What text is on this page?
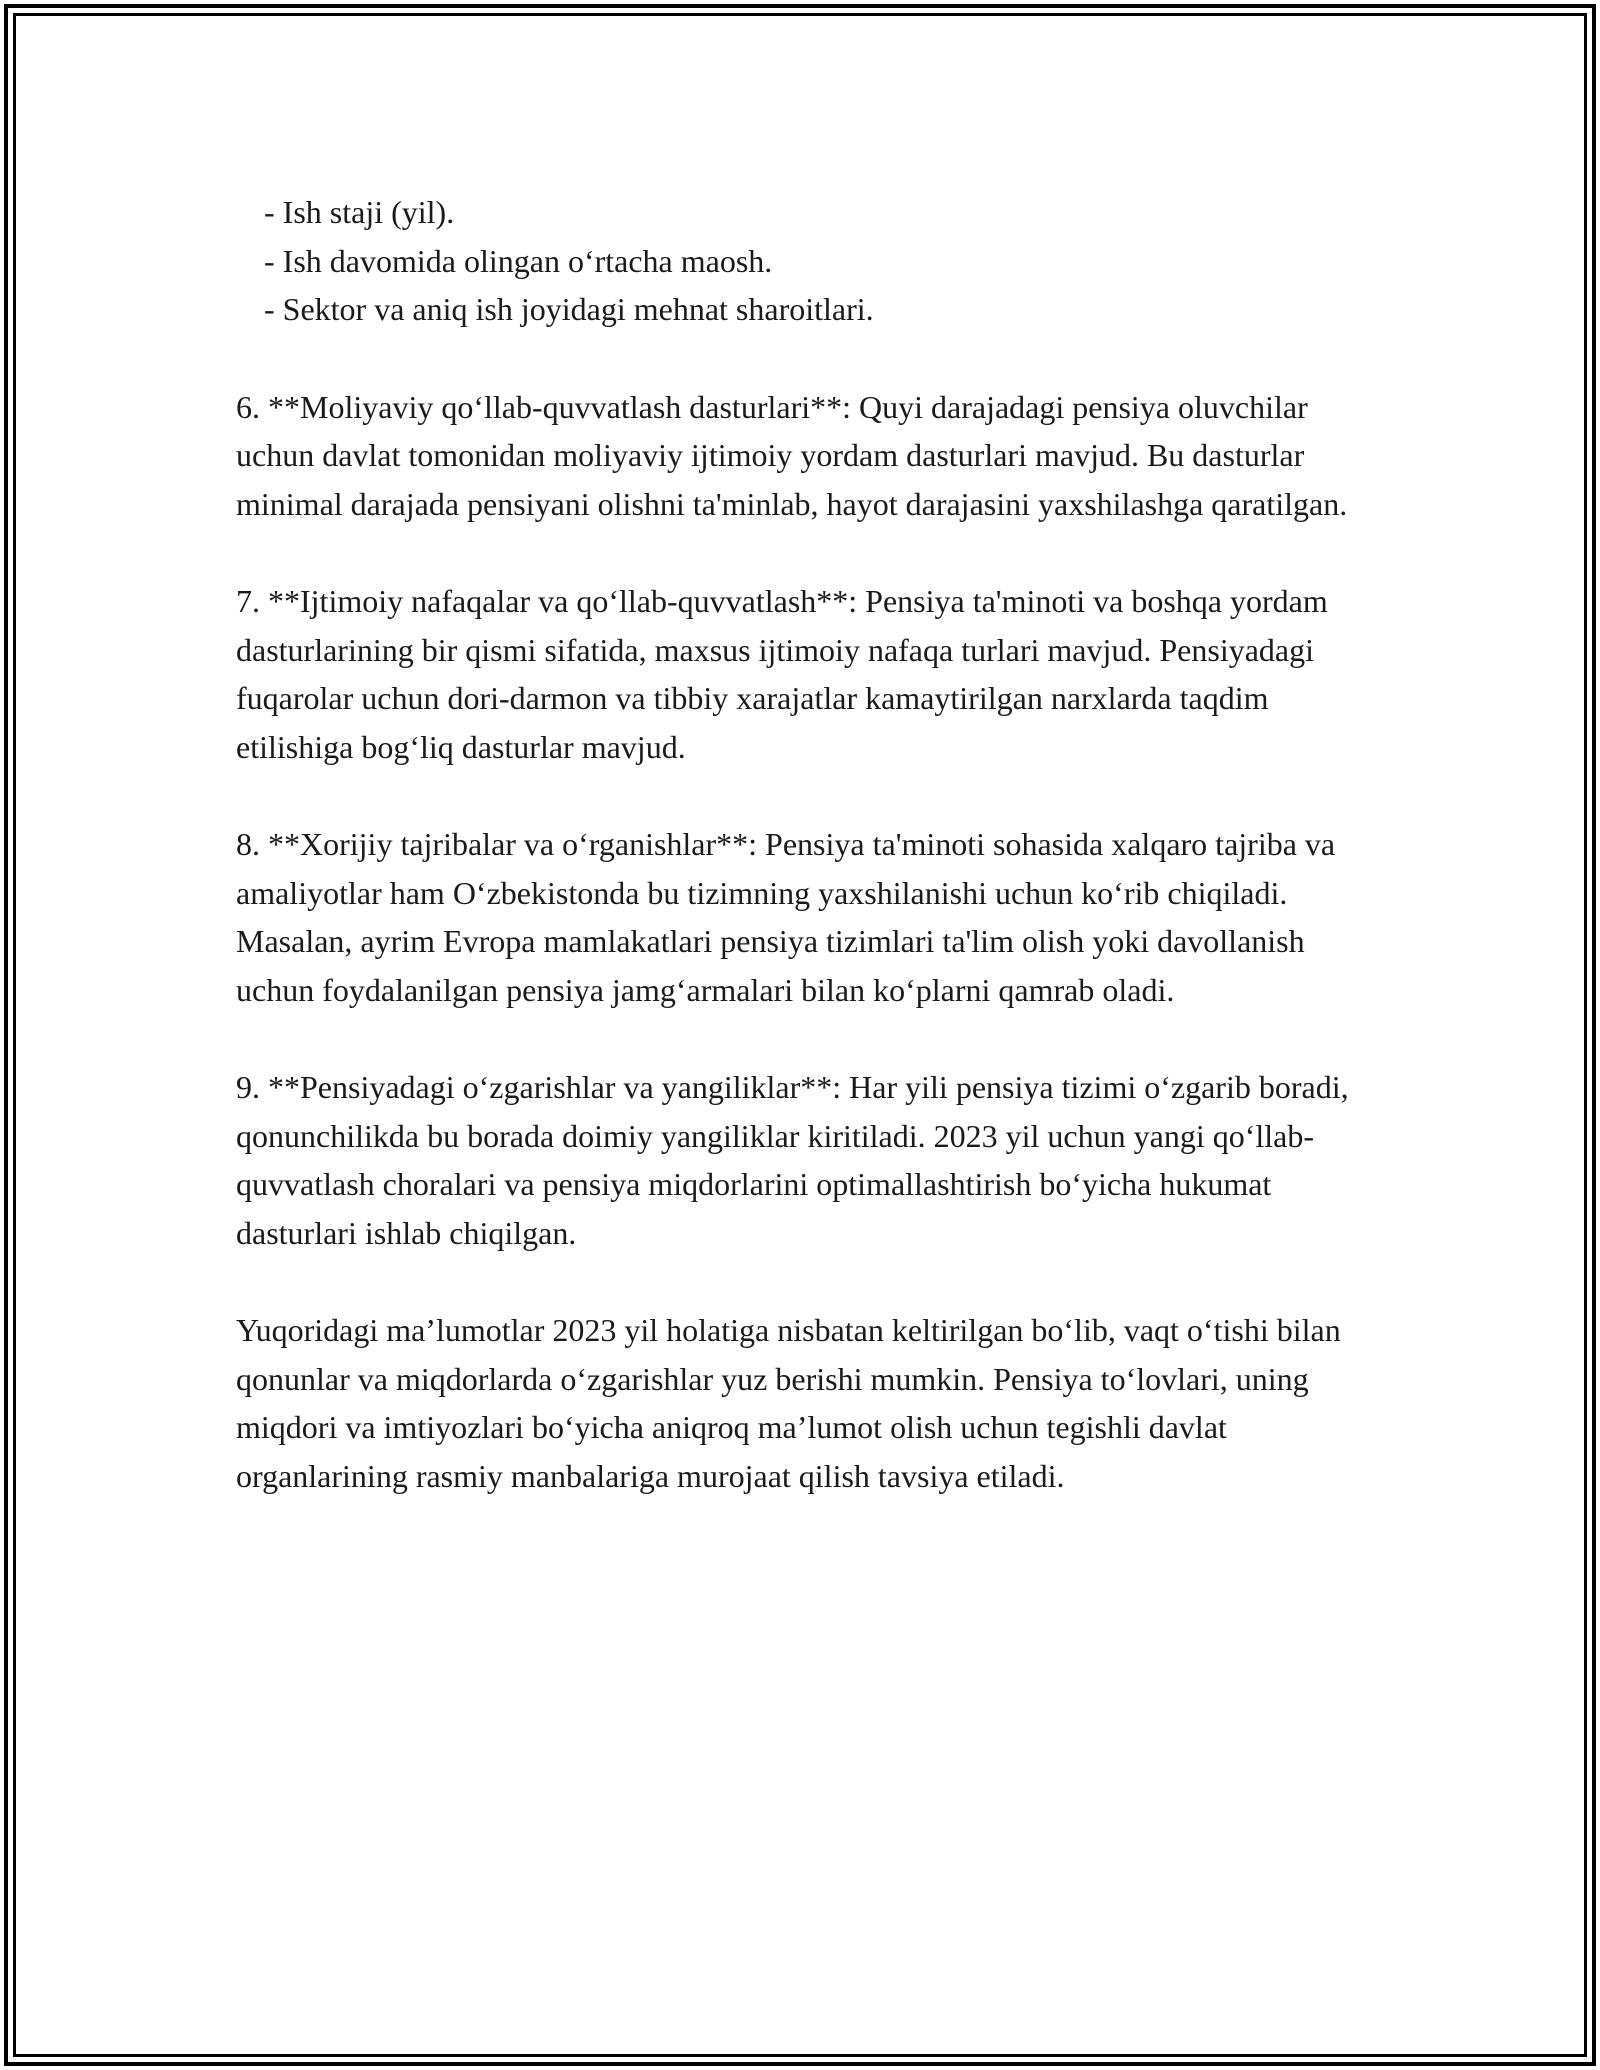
- Ish staji (yil).

- Ish davomida olingan o‘rtacha maosh.

- Sektor va aniq ish joyidagi mehnat sharoitlari.

6. **Moliyaviy qo‘llab-quvvatlash dasturlari**: Quyi darajadagi pensiya oluvchilar uchun davlat tomonidan moliyaviy ijtimoiy yordam dasturlari mavjud. Bu dasturlar minimal darajada pensiyani olishni ta'minlab, hayot darajasini yaxshilashga qaratilgan.

7. **Ijtimoiy nafaqalar va qo‘llab-quvvatlash**: Pensiya ta'minoti va boshqa yordam dasturlarining bir qismi sifatida, maxsus ijtimoiy nafaqa turlari mavjud. Pensiyadagi fuqarolar uchun dori-darmon va tibbiy xarajatlar kamaytirilgan narxlarda taqdim etilishiga bog‘liq dasturlar mavjud.

8. **Xorijiy tajribalar va o‘rganishlar**: Pensiya ta'minoti sohasida xalqaro tajriba va amaliyotlar ham O‘zbekistonda bu tizimning yaxshilanishi uchun ko‘rib chiqiladi. Masalan, ayrim Evropa mamlakatlari pensiya tizimlari ta'lim olish yoki davollanish uchun foydalanilgan pensiya jamg‘armalari bilan ko‘plarni qamrab oladi.

9. **Pensiyadagi o‘zgarishlar va yangiliklar**: Har yili pensiya tizimi o‘zgarib boradi, qonunchilikda bu borada doimiy yangiliklar kiritiladi. 2023 yil uchun yangi qo‘llab-quvvatlash choralari va pensiya miqdorlarini optimallashtirish bo‘yicha hukumat dasturlari ishlab chiqilgan.

Yuqoridagi ma’lumotlar 2023 yil holatiga nisbatan keltirilgan bo‘lib, vaqt o‘tishi bilan qonunlar va miqdorlarda o‘zgarishlar yuz berishi mumkin. Pensiya to‘lovlari, uning miqdori va imtiyozlari bo‘yicha aniqroq ma’lumot olish uchun tegishli davlat organlarining rasmiy manbalariga murojaat qilish tavsiya etiladi.
